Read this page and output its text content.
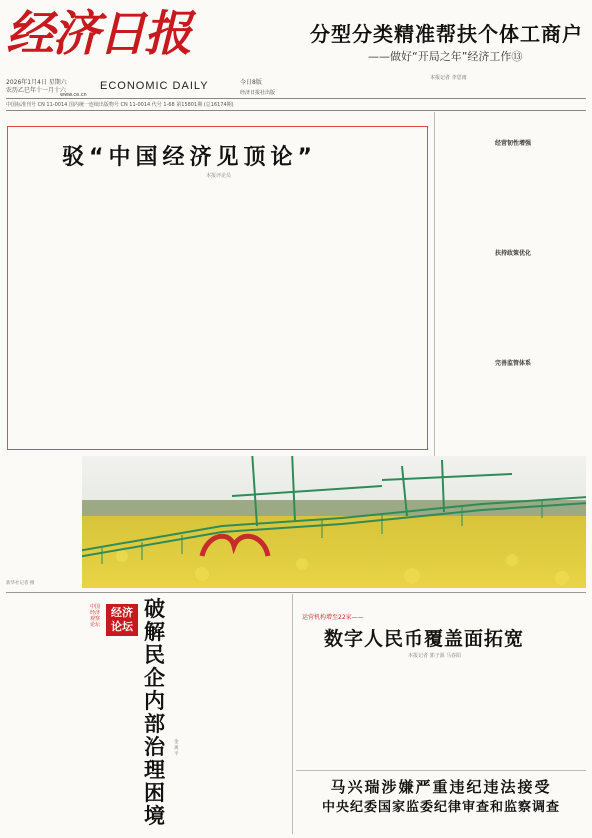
经济日报
2026年1月4日 星期六
农历乙巳年十一月十六	ECONOMIC DAILY
www.ce.cn
今日8版
经济日报社出版
中国标准刊号 CN 11-0014 国内统一连续出版物号 CN 11-0014 代号 1-68 第15801期 (总16174期)
分型分类精准帮扶个体工商户
——做好“开局之年”经济工作⑬
本报记者 李思雨

驳“中国经济见顶论”
本报评论员

经营韧性增强

扶持政策优化

完善监管体系

新华社记者 摄

中国经济观察论坛
经济论坛
破解民企内部治理困境
金观平

运营机构增至22家——
数字人民币覆盖面拓宽
本报记者 郭子源 马春阳

马兴瑞涉嫌严重违纪违法接受
中央纪委国家监委纪律审查和监察调查
